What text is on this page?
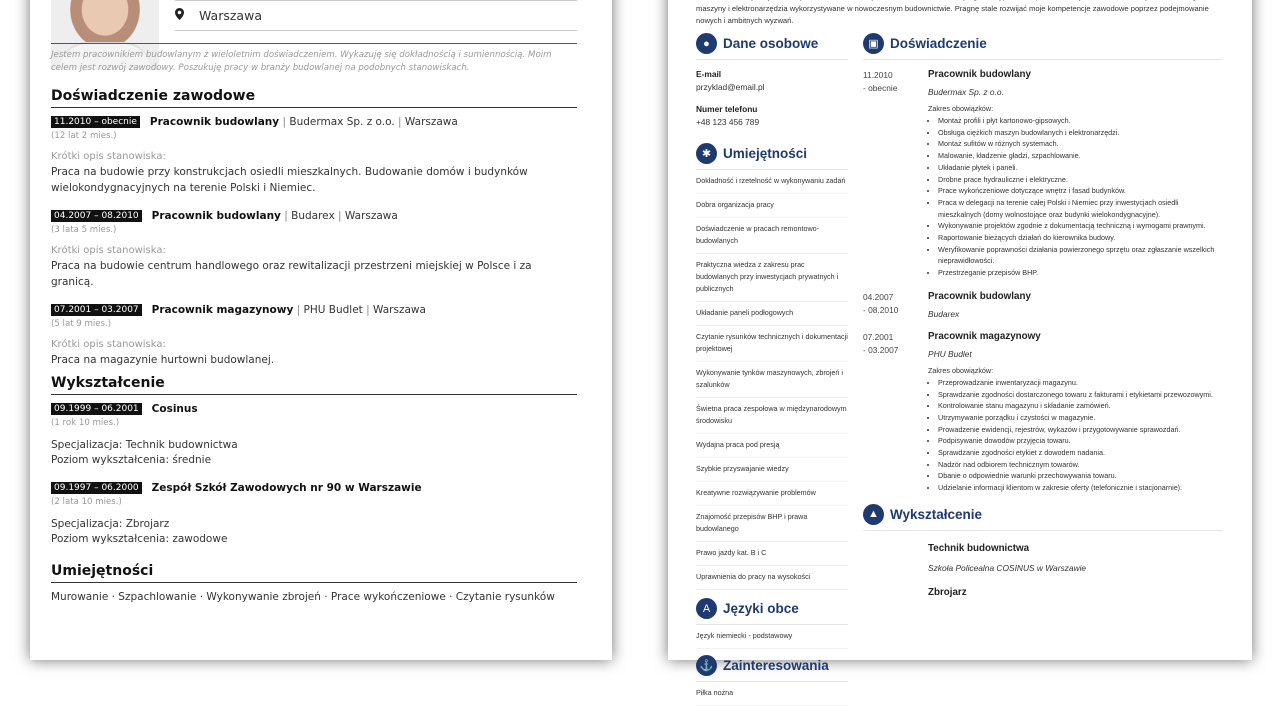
Warszawa
Jestem pracownikiem budowlanym z wieloletnim doświadczeniem. Wykazuję się dokładnością i sumiennością. Moim celem jest rozwój zawodowy. Poszukuję pracy w branży budowlanej na podobnych stanowiskach.
Doświadczenie zawodowe
11.2010 – obecnie Pracownik budowlany | Budermax Sp. z o.o. | Warszawa
(12 lat 2 mies.)
Krótki opis stanowiska:
Praca na budowie przy konstrukcjach osiedli mieszkalnych. Budowanie domów i budynków wielokondygnacyjnych na terenie Polski i Niemiec.
04.2007 – 08.2010 Pracownik budowlany | Budarex | Warszawa
(3 lata 5 mies.)
Krótki opis stanowiska:
Praca na budowie centrum handlowego oraz rewitalizacji przestrzeni miejskiej w Polsce i za granicą.
07.2001 – 03.2007 Pracownik magazynowy | PHU Budlet | Warszawa
(5 lat 9 mies.)
Krótki opis stanowiska:
Praca na magazynie hurtowni budowlanej.
Wykształcenie
09.1999 – 06.2001 Cosinus
(1 rok 10 mies.)
Specjalizacja: Technik budownictwa
Poziom wykształcenia: średnie
09.1997 – 06.2000 Zespół Szkół Zawodowych nr 90 w Warszawie
(2 lata 10 mies.)
Specjalizacja: Zbrojarz
Poziom wykształcenia: zawodowe
Umiejętności
Murowanie · Szpachlowanie · Wykonywanie zbrojeń · Prace wykończeniowe · Czytanie rysunków
maszyny i elektronarzędzia wykorzystywane w nowoczesnym budownictwie. Pragnę stale rozwijać moje kompetencje zawodowe poprzez podejmowanie nowych i ambitnych wyzwań.
● Dane osobowe
E-mail
przyklad@email.pl
Numer telefonu
+48 123 456 789
✱ Umiejętności
Dokładność i rzetelność w wykonywaniu zadań
Dobra organizacja pracy
Doświadczenie w pracach remontowo-budowlanych
Praktyczna wiedza z zakresu prac budowlanych przy inwestycjach prywatnych i publicznych
Układanie paneli podłogowych
Czytanie rysunków technicznych i dokumentacji projektowej
Wykonywanie tynków maszynowych, zbrojeń i szalunków
Świetna praca zespołowa w międzynarodowym środowisku
Wydajna praca pod presją
Szybkie przyswajanie wiedzy
Kreatywne rozwiązywanie problemów
Znajomość przepisów BHP i prawa budowlanego
Prawo jazdy kat. B i C
Uprawnienia do pracy na wysokości
A Języki obce
Język niemiecki - podstawowy
⚓ Zainteresowania
Piłka nożna
▣ Doświadczenie
11.2010
- obecnie
Pracownik budowlany
Budermax Sp. z o.o.
Zakres obowiązków:
• Montaż profili i płyt kartonowo-gipsowych.
• Obsługa ciężkich maszyn budowlanych i elektronarzędzi.
• Montaż sufitów w różnych systemach.
• Malowanie, kładzenie gładzi, szpachlowanie.
• Układanie płytek i paneli.
• Drobne prace hydrauliczne i elektryczne.
• Prace wykończeniowe dotyczące wnętrz i fasad budynków.
• Praca w delegacji na terenie całej Polski i Niemiec przy inwestycjach osiedli mieszkalnych (domy wolnostojące oraz budynki wielokondygnacyjne).
• Wykonywanie projektów zgodnie z dokumentacją techniczną i wymogami prawnymi.
• Raportowanie bieżących działań do kierownika budowy.
• Weryfikowanie poprawności działania powierzonego sprzętu oraz zgłaszanie wszelkich nieprawidłowości.
• Przestrzeganie przepisów BHP.
04.2007
- 08.2010
Pracownik budowlany
Budarex
07.2001
- 03.2007
Pracownik magazynowy
PHU Budlet
Zakres obowiązków:
• Przeprowadzanie inwentaryzacji magazynu.
• Sprawdzanie zgodności dostarczonego towaru z fakturami i etykietami przewozowymi.
• Kontrolowanie stanu magazynu i składanie zamówień.
• Utrzymywanie porządku i czystości w magazynie.
• Prowadzenie ewidencji, rejestrów, wykazów i przygotowywanie sprawozdań.
• Podpisywanie dowodów przyjęcia towaru.
• Sprawdzanie zgodności etykiet z dowodem nadania.
• Nadzór nad odbiorem technicznym towarów.
• Dbanie o odpowiednie warunki przechowywania towaru.
• Udzielanie informacji klientom w zakresie oferty (telefonicznie i stacjonarnie).
▲ Wykształcenie
Technik budownictwa
Szkoła Policealna COSINUS w Warszawie
Zbrojarz
